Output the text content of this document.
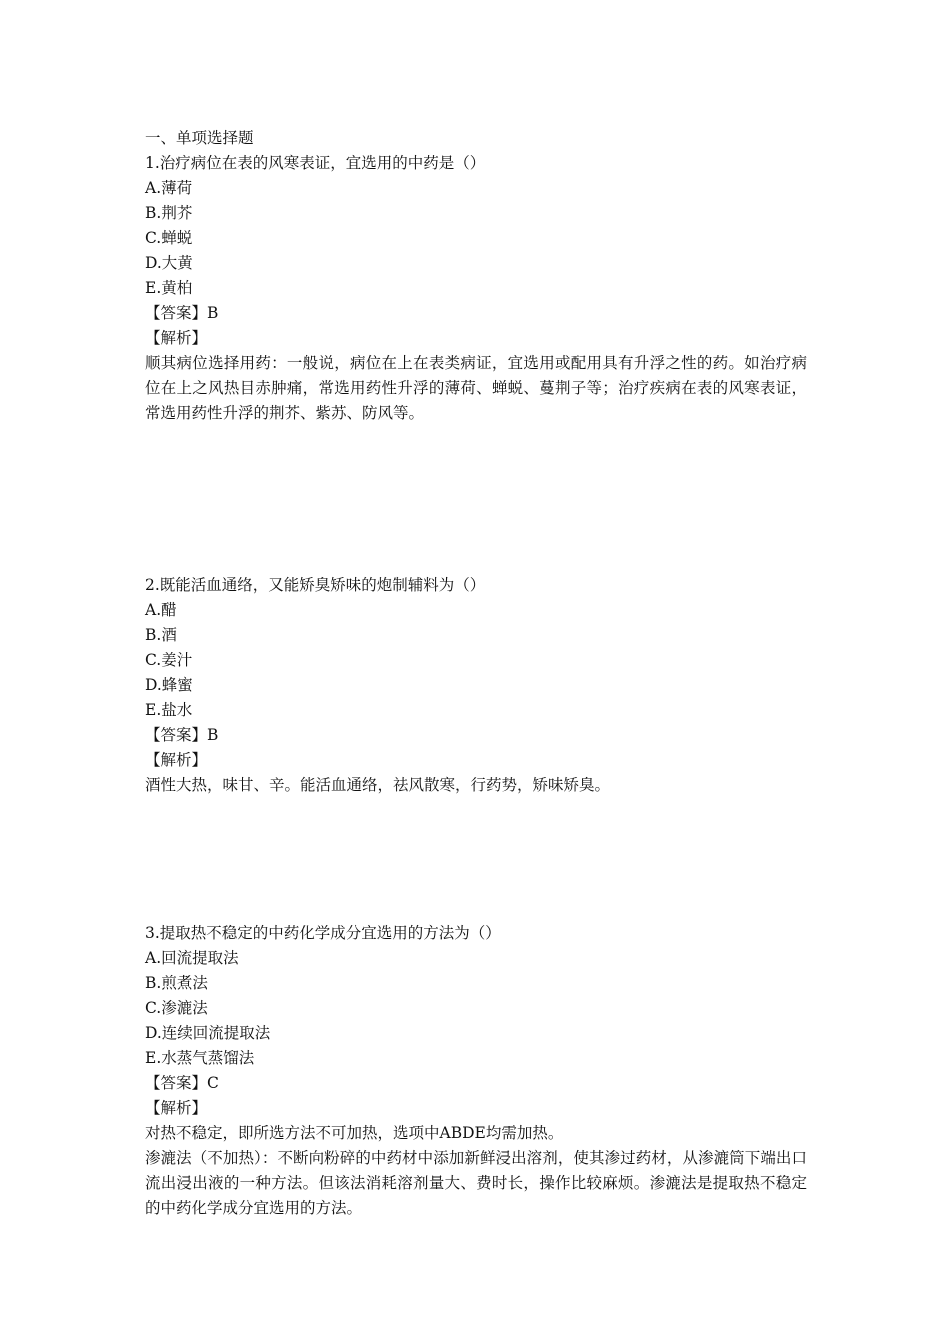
一、单项选择题
1.治疗病位在表的风寒表证，宜选用的中药是（）
A.薄荷
B.荆芥
C.蝉蜕
D.大黄
E.黄柏
【答案】B
【解析】
顺其病位选择用药：一般说，病位在上在表类病证，宜选用或配用具有升浮之性的药。如治疗病位在上之风热目赤肿痛，常选用药性升浮的薄荷、蝉蜕、蔓荆子等；治疗疾病在表的风寒表证，常选用药性升浮的荆芥、紫苏、防风等。
2.既能活血通络，又能矫臭矫味的炮制辅料为（）
A.醋
B.酒
C.姜汁
D.蜂蜜
E.盐水
【答案】B
【解析】
酒性大热，味甘、辛。能活血通络，祛风散寒，行药势，矫味矫臭。
3.提取热不稳定的中药化学成分宜选用的方法为（）
A.回流提取法
B.煎煮法
C.渗漉法
D.连续回流提取法
E.水蒸气蒸馏法
【答案】C
【解析】
对热不稳定，即所选方法不可加热，选项中ABDE均需加热。
渗漉法（不加热）：不断向粉碎的中药材中添加新鲜浸出溶剂，使其渗过药材，从渗漉筒下端出口流出浸出液的一种方法。但该法消耗溶剂量大、费时长，操作比较麻烦。渗漉法是提取热不稳定的中药化学成分宜选用的方法。
